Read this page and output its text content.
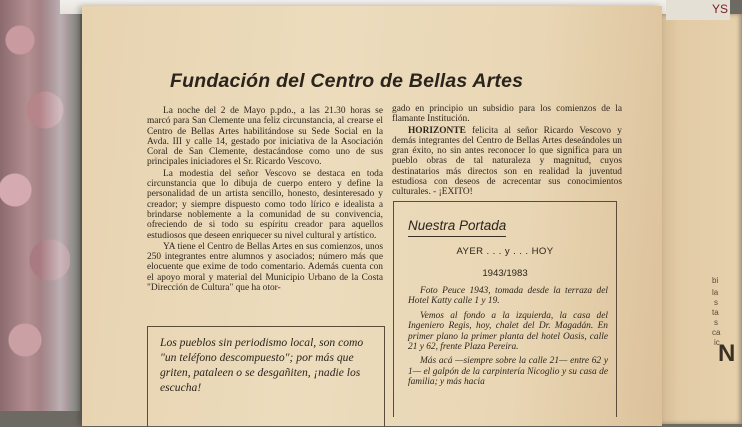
YS
bi
la
s
ta
s
ca
ic
N
Fundación del Centro de Bellas Artes

La noche del 2 de Mayo p.pdo., a las 21.30 horas se marcó para San Clemente una feliz circunstancia, al crearse el Centro de Bellas Artes habilitándose su Sede Social en la Avda. III y calle 14, gestado por iniciativa de la Asociación Coral de San Clemente, destacándose como uno de sus principales iniciadores el Sr. Ricardo Vescovo.

La modestia del señor Vescovo se destaca en toda circunstancia que lo dibuja de cuerpo entero y define la personalidad de un artista sencillo, honesto, desinteresado y creador; y siempre dispuesto como todo lírico e idealista a brindarse noblemente a la comunidad de su convivencia, ofreciendo de si todo su espíritu creador para aquellos estudiosos que deseen enriquecer su nivel cultural y artístico.

YA tiene el Centro de Bellas Artes en sus comienzos, unos 250 integrantes entre alumnos y asociados; número más que elocuente que exime de todo comentario. Además cuenta con el apoyo moral y material del Municipio Urbano de la Costa "Dirección de Cultura" que ha otor-

gado en principio un subsidio para los comienzos de la flamante Institución.

HORIZONTE felicita al señor Ricardo Vescovo y demás integrantes del Centro de Bellas Artes deseándoles un gran éxito, no sin antes reconocer lo que significa para un pueblo obras de tal naturaleza y magnitud, cuyos destinatarios más directos son en realidad la juventud estudiosa con deseos de acrecentar sus conocimientos culturales. - ¡EXITO!

Los pueblos sin periodismo local, son como "un teléfono descompuesto"; por más que griten, pataleen o se desgañiten, ¡nadie los escucha!

Nuestra Portada
AYER . . . y . . . HOY
1943/1983

Foto Peuce 1943, tomada desde la terraza del Hotel Katty calle 1 y 19.

Vemos al fondo a la izquierda, la casa del Ingeniero Regis, hoy, chalet del Dr. Magadán. En primer plano la primer planta del hotel Oasis, calle 21 y 62, frente Plaza Pereira.

Más acá —siempre sobre la calle 21— entre 62 y 1— el galpón de la carpintería Nicoglio y su casa de familia; y más hacia
